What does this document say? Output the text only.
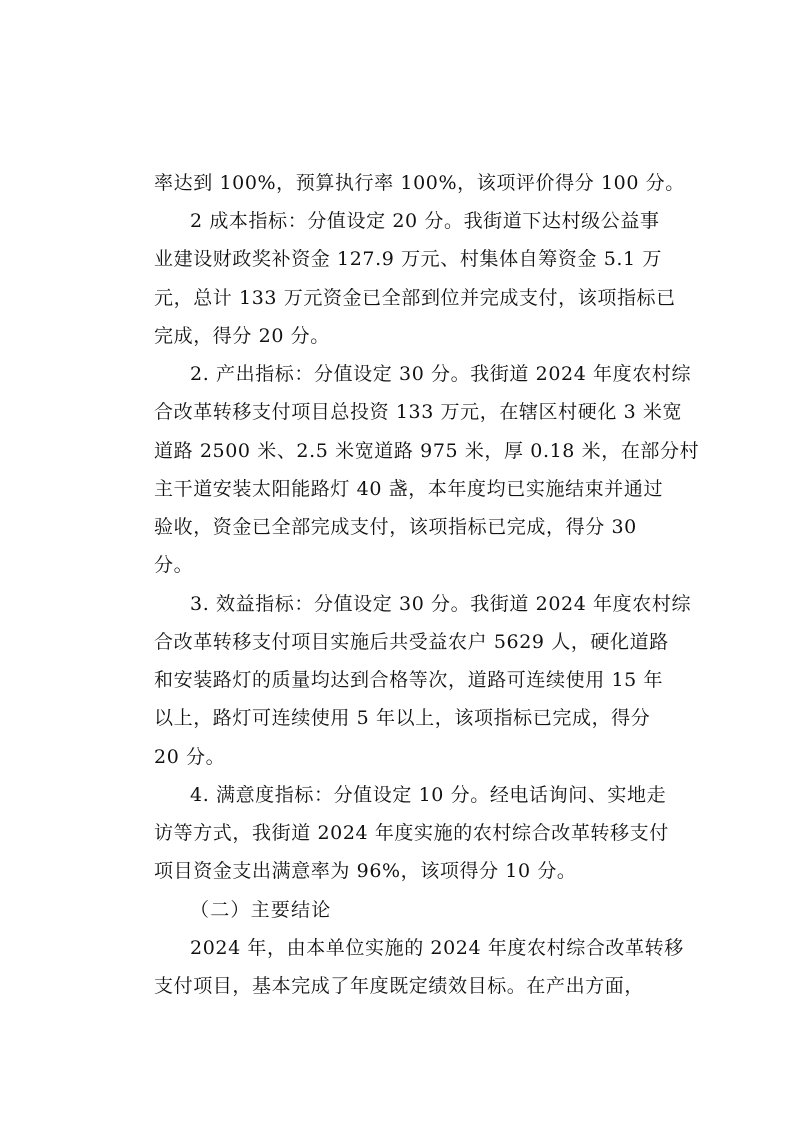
率达到 100%，预算执行率 100%，该项评价得分 100 分。
2 成本指标：分值设定 20 分。我街道下达村级公益事
业建设财政奖补资金 127.9 万元、村集体自筹资金 5.1 万
元，总计 133 万元资金已全部到位并完成支付，该项指标已
完成，得分 20 分。
2. 产出指标：分值设定 30 分。我街道 2024 年度农村综
合改革转移支付项目总投资 133 万元，在辖区村硬化 3 米宽
道路 2500 米、2.5 米宽道路 975 米，厚 0.18 米，在部分村
主干道安装太阳能路灯 40 盏，本年度均已实施结束并通过
验收，资金已全部完成支付，该项指标已完成，得分 30
分。
3. 效益指标：分值设定 30 分。我街道 2024 年度农村综
合改革转移支付项目实施后共受益农户 5629 人，硬化道路
和安装路灯的质量均达到合格等次，道路可连续使用 15 年
以上，路灯可连续使用 5 年以上，该项指标已完成，得分
20 分。
4. 满意度指标：分值设定 10 分。经电话询问、实地走
访等方式，我街道 2024 年度实施的农村综合改革转移支付
项目资金支出满意率为 96%，该项得分 10 分。
（二）主要结论
2024 年，由本单位实施的 2024 年度农村综合改革转移
支付项目，基本完成了年度既定绩效目标。在产出方面，
